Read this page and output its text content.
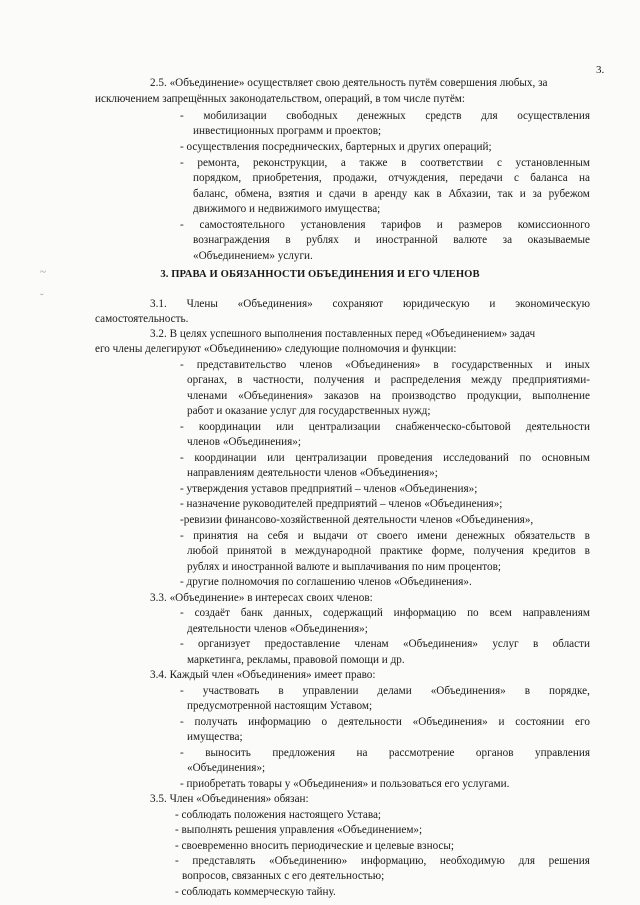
3.
~
˘
2.5. «Объединение» осуществляет свою деятельность путём совершения любых, за
исключением запрещённых законодательством, операций, в том числе путём:
- мобилизации свободных денежных средств для осуществления
инвестиционных программ и проектов;
- осуществления посреднических, бартерных и других операций;
- ремонта, реконструкции, а также в соответствии с установленным
порядком, приобретения, продажи, отчуждения, передачи с баланса на
баланс, обмена, взятия и сдачи в аренду как в Абхазии, так и за рубежом
движимого и недвижимого имущества;
- самостоятельного установления тарифов и размеров комиссионного
вознаграждения в рублях и иностранной валюте за оказываемые
«Объединением» услуги.
3. ПРАВА И ОБЯЗАННОСТИ ОБЪЕДИНЕНИЯ И ЕГО ЧЛЕНОВ
3.1. Члены «Объединения» сохраняют юридическую и экономическую
самостоятельность.
3.2. В целях успешного выполнения поставленных перед «Объединением» задач
его члены делегируют «Объединению» следующие полномочия и функции:
- представительство членов «Объединения» в государственных и иных
органах, в частности, получения и распределения между предприятиями-
членами «Объединения» заказов на производство продукции, выполнение
работ и оказание услуг для государственных нужд;
- координации или централизации снабженческо-сбытовой деятельности
членов «Объединения»;
- координации или централизации проведения исследований по основным
направлениям деятельности членов «Объединения»;
- утверждения уставов предприятий – членов «Объединения»;
- назначение руководителей предприятий – членов «Объединения»;
-ревизии финансово-хозяйственной деятельности членов «Объединения»,
- принятия на себя и выдачи от своего имени денежных обязательств в
любой принятой в международной практике форме, получения кредитов в
рублях и иностранной валюте и выплачивания по ним процентов;
- другие полномочия по соглашению членов «Объединения».
3.3. «Объединение» в интересах своих членов:
- создаёт банк данных, содержащий информацию по всем направлениям
деятельности членов «Объединения»;
- организует предоставление членам «Объединения» услуг в области
маркетинга, рекламы, правовой помощи и др.
3.4. Каждый член «Объединения» имеет право:
- участвовать в управлении делами «Объединения» в порядке,
предусмотренной настоящим Уставом;
- получать информацию о деятельности «Объединения» и состоянии его
имущества;
- выносить предложения на рассмотрение органов управления
«Объединения»;
- приобретать товары у «Объединения» и пользоваться его услугами.
3.5. Член «Объединения» обязан:
- соблюдать положения настоящего Устава;
- выполнять решения управления «Объединением»;
- своевременно вносить периодические и целевые взносы;
- представлять «Объединению» информацию, необходимую для решения
вопросов, связанных с его деятельностью;
- соблюдать коммерческую тайну.
